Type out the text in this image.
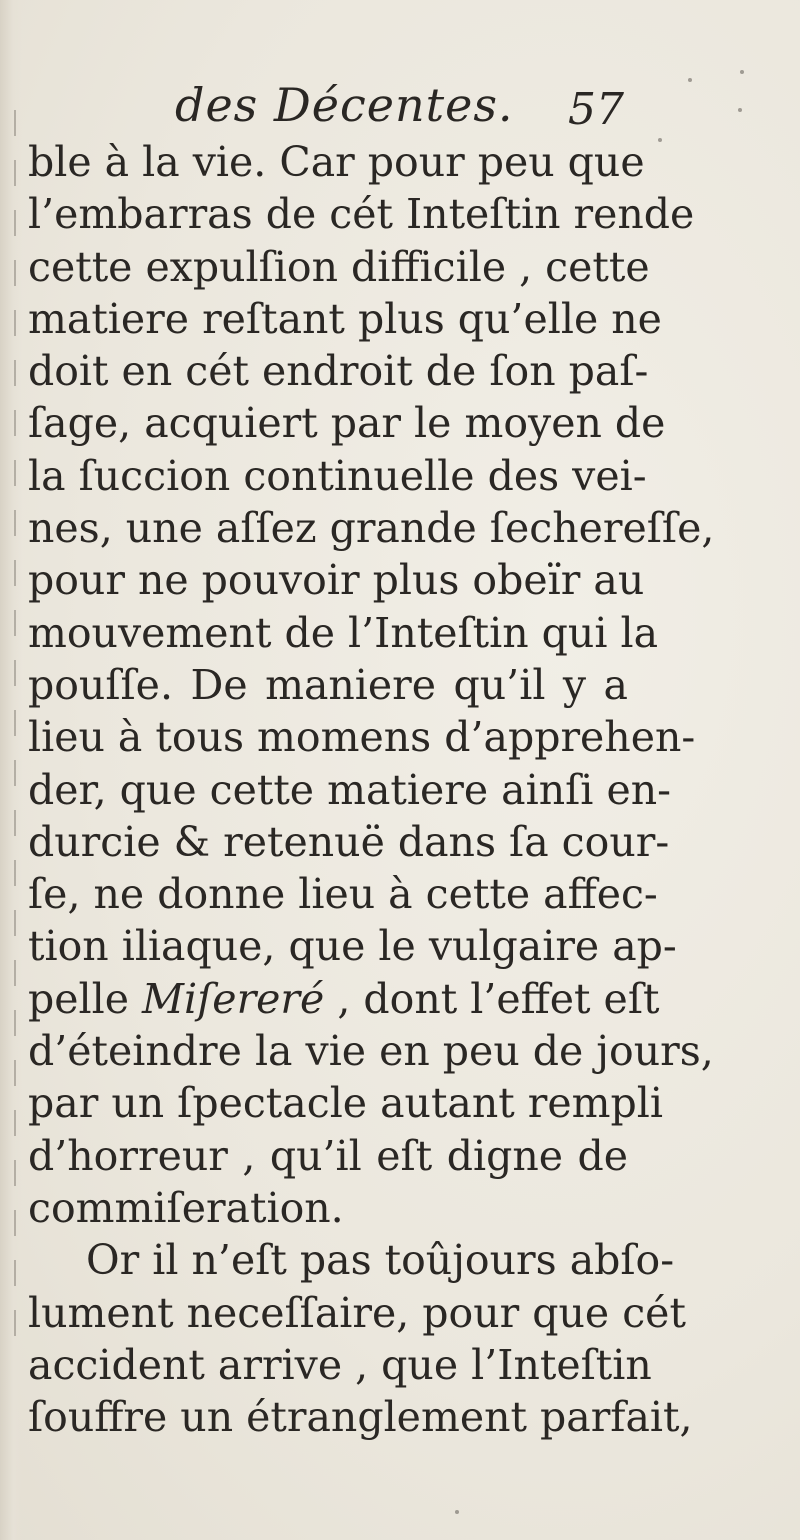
des Décentes. 57
ble à la vie. Car pour peu que
l’embarras de cét Inteſtin rende
cette expulſion difficile , cette
matiere reſtant plus qu’elle ne
doit en cét endroit de ſon paſ-
ſage, acquiert par le moyen de
la ſuccion continuelle des vei-
nes, une aſſez grande ſechereſſe,
pour ne pouvoir plus obeïr au
mouvement de l’Inteſtin qui la
pouſſe. De maniere qu’il y a
lieu à tous momens d’apprehen-
der, que cette matiere ainſi en-
durcie & retenuë dans ſa cour-
ſe, ne donne lieu à cette affec-
tion iliaque, que le vulgaire ap-
pelle Miſereré , dont l’effet eſt
d’éteindre la vie en peu de jours,
par un ſpectacle autant rempli
d’horreur , qu’il eſt digne de
commiſeration.
Or il n’eſt pas toûjours abſo-
lument neceſſaire, pour que cét
accident arrive , que l’Inteſtin
ſouffre un étranglement parfait,
